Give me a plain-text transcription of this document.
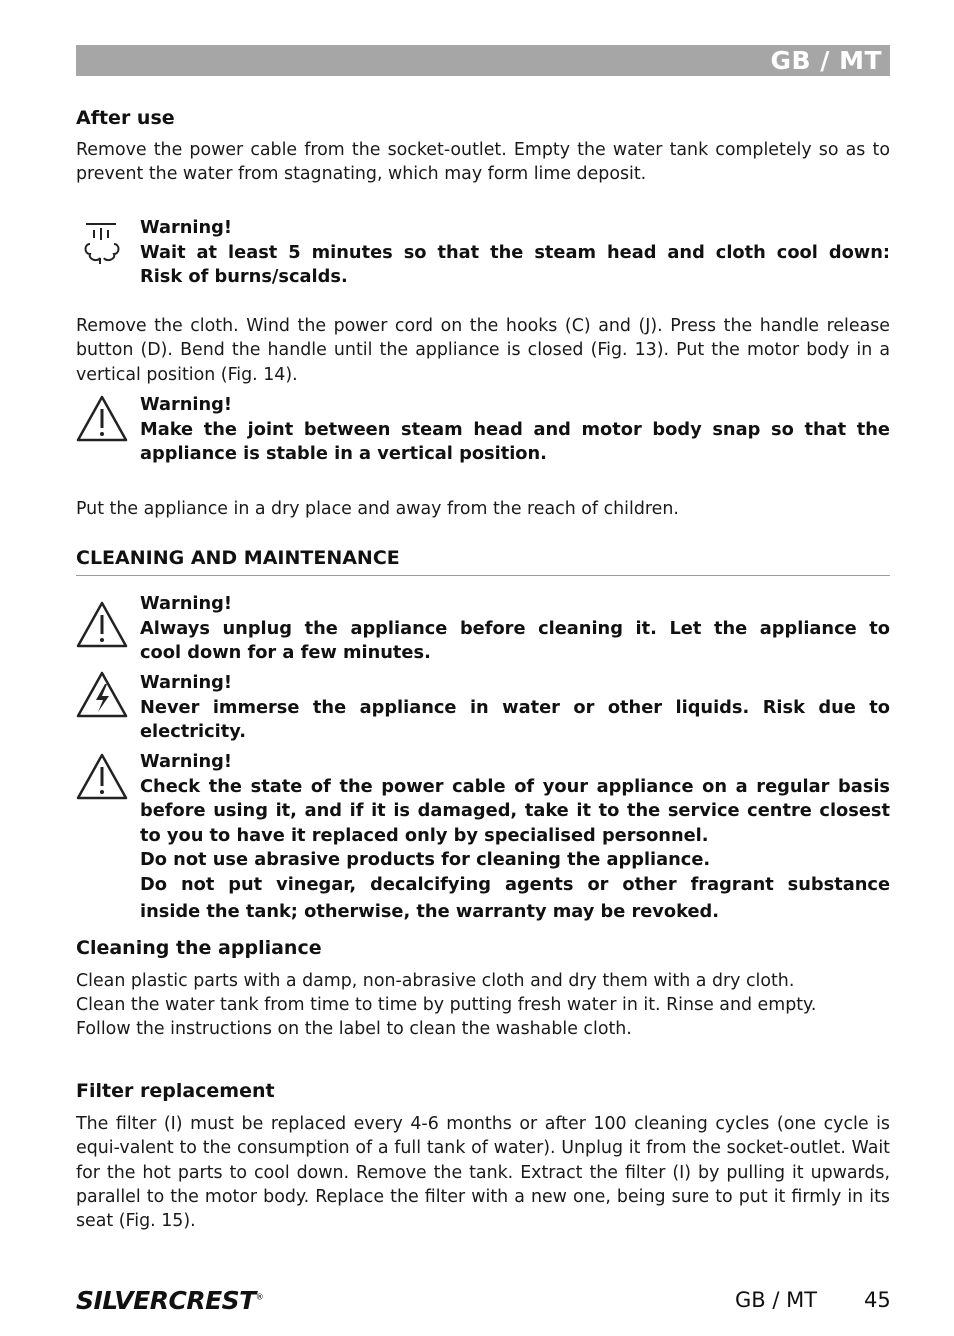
GB / MT
After use
Remove the power cable from the socket-outlet. Empty the water tank completely so as to prevent the water from stagnating, which may form lime deposit.
Warning!
Wait at least 5 minutes so that the steam head and cloth cool down:
Risk of burns/scalds.
Remove the cloth. Wind the power cord on the hooks (C) and (J). Press the handle release button (D). Bend the handle until the appliance is closed (Fig. 13). Put the motor body in a vertical position (Fig. 14).
Warning!
Make the joint between steam head and motor body snap so that the
appliance is stable in a vertical position.
Put the appliance in a dry place and away from the reach of children.
CLEANING AND MAINTENANCE
Warning!
Always unplug the appliance before cleaning it. Let the appliance to
cool down for a few minutes.
Warning!
Never immerse the appliance in water or other liquids. Risk due to
electricity.
Warning!
Check the state of the power cable of your appliance on a regular basis
before using it, and if it is damaged, take it to the service centre closest
to you to have it replaced only by specialised personnel.
Do not use abrasive products for cleaning the appliance.
Do not put vinegar, decalcifying agents or other fragrant substance
inside the tank; otherwise, the warranty may be revoked.
Cleaning the appliance
Clean plastic parts with a damp, non-abrasive cloth and dry them with a dry cloth.
Clean the water tank from time to time by putting fresh water in it. Rinse and empty.
Follow the instructions on the label to clean the washable cloth.
Filter replacement
The filter (I) must be replaced every 4-6 months or after 100 cleaning cycles (one cycle is equi-valent to the consumption of a full tank of water). Unplug it from the socket-outlet. Wait for the hot parts to cool down. Remove the tank. Extract the filter (I) by pulling it upwards, parallel to the motor body. Replace the filter with a new one, being sure to put it firmly in its seat (Fig. 15).
SILVERCREST®	GB / MT 45
